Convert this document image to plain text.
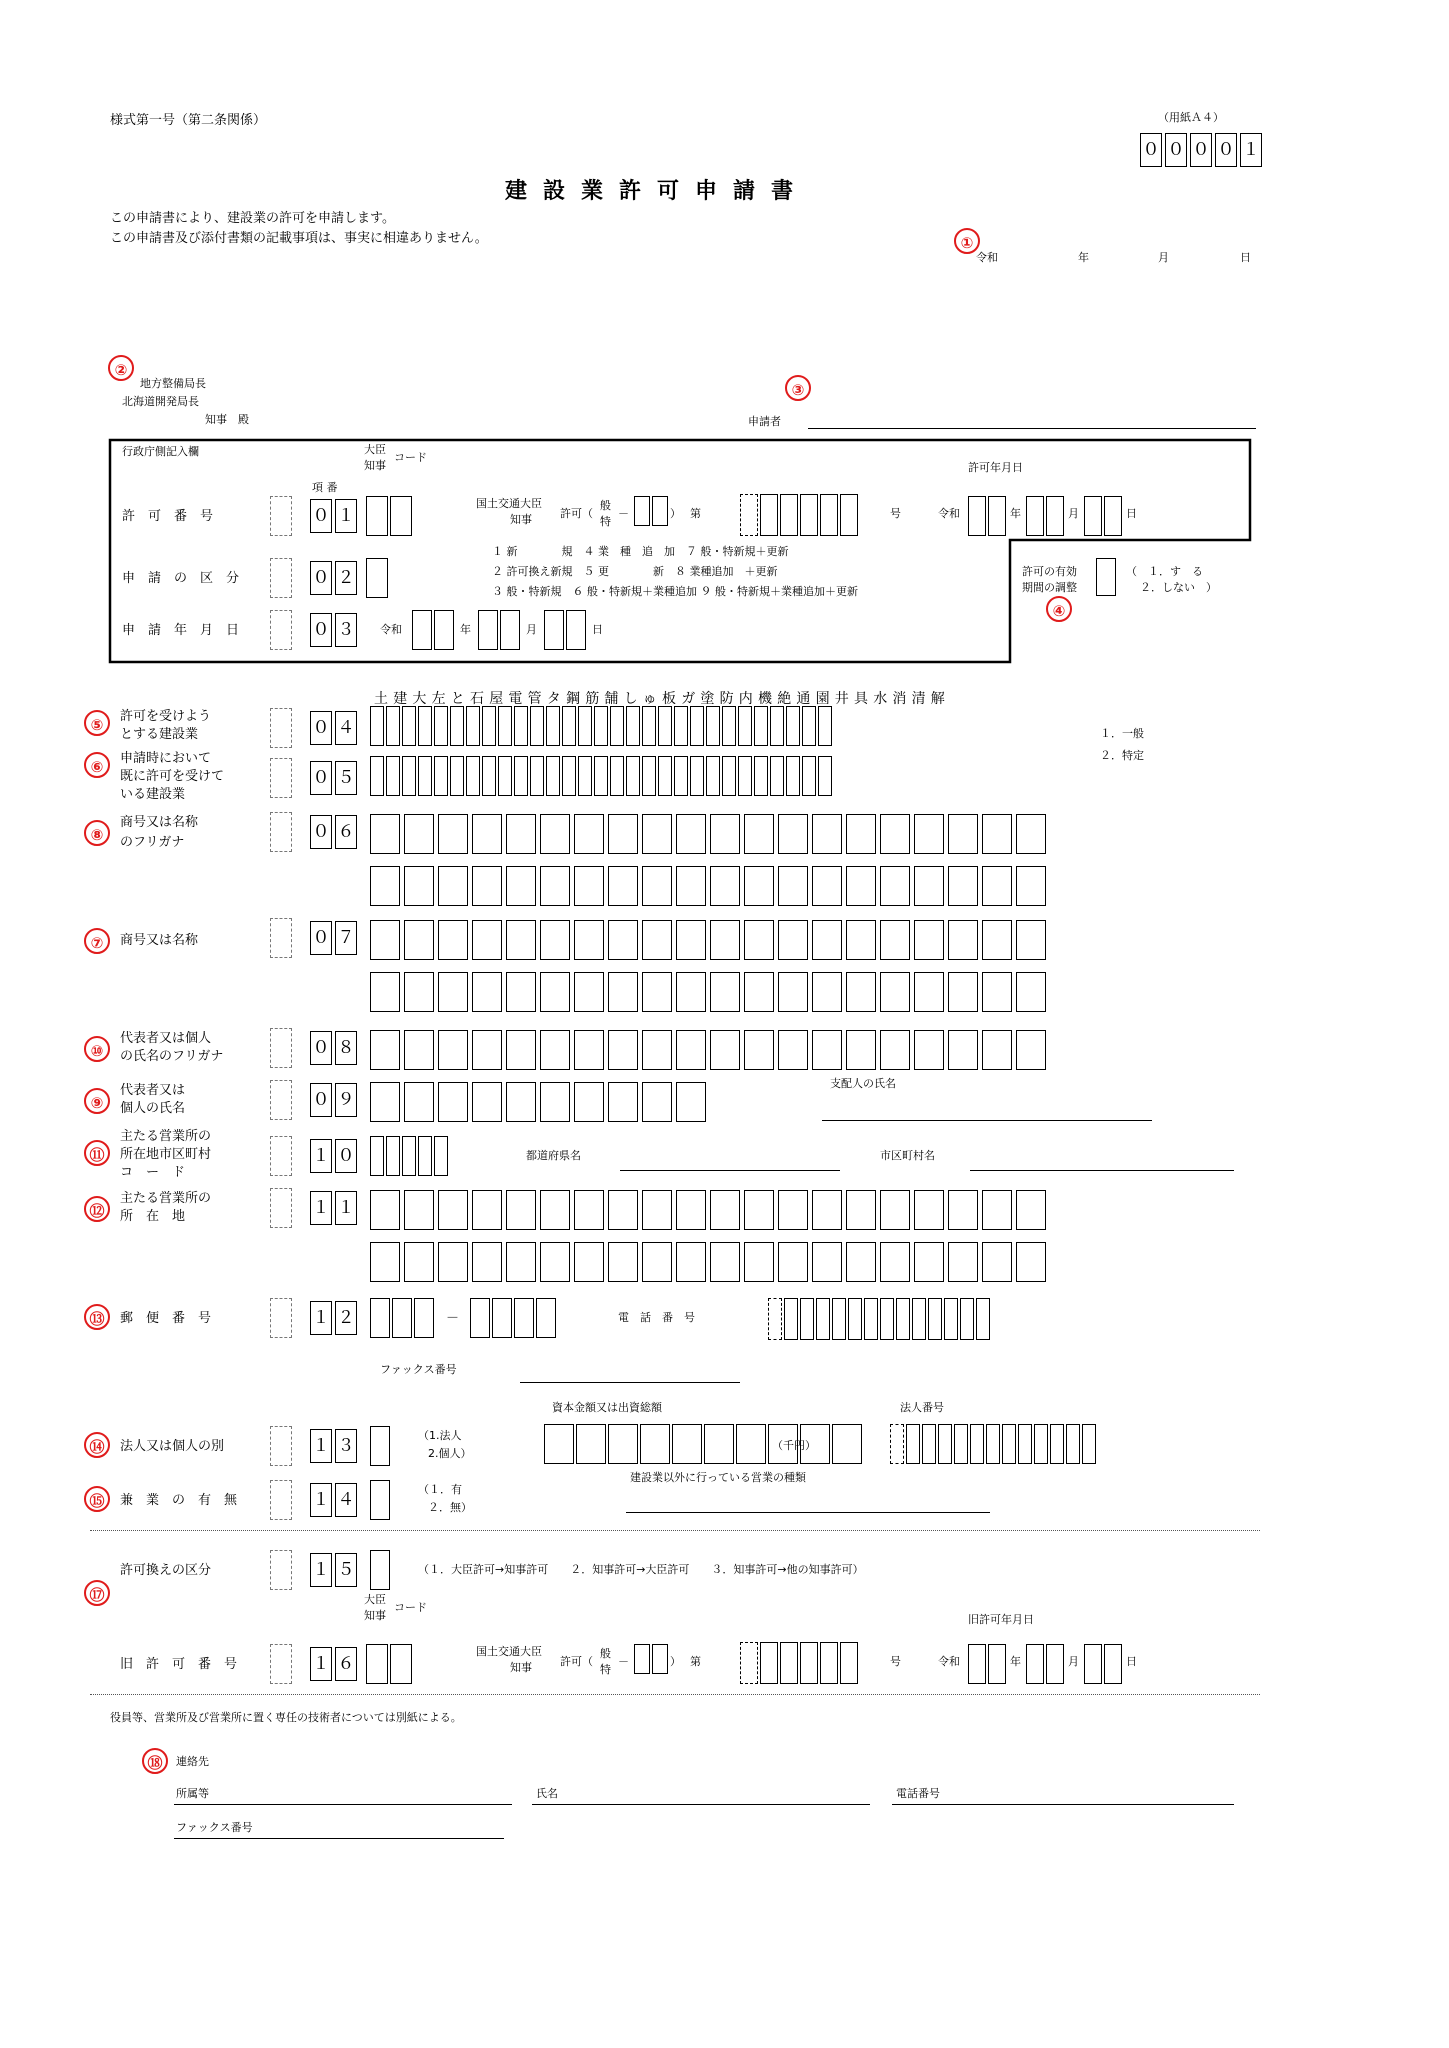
様式第一号（第二条関係）	（用紙Ａ４）
０ ０ ０ ０ １
建設業許可申請書
この申請書により、建設業の許可を申請します。
この申請書及び添付書類の記載事項は、事実に相違ありません。	①
令和	年	月	日
②
地方整備局長
北海道開発局長
知事　殿
③
申請者
行政庁側記入欄	大臣
知事
コード
項 番
許　可　番　号	０ １
国土交通大臣
知事	許可（
般
特
－	） 第	号
許可年月日
令和	年	月	日
申　請　の　区　分	０ ２
１ 新　　　　規　４ 業　種　追　加　７ 般・特新規＋更新
２ 許可換え新規　５ 更　　　　新　８ 業種追加　＋更新
３ 般・特新規　６ 般・特新規＋業種追加 ９ 般・特新規＋業種追加＋更新
許可の有効
期間の調整
（　１．す　る
２．しない　）
④
申　請　年　月　日	０ ３ 令和	年	月	日
土建大左と石屋電管タ鋼筋舗しゅ板ガ塗防内機絶通園井具水消清解
⑤	許可を受けよう
とする建設業	０ ４
⑥	申請時において
既に許可を受けて
いる建設業
０ ５
１．一般
２．特定
⑧
商号又は名称
のフリガナ
０ ６
⑦	商号又は名称	０ ７
⑩
代表者又は個人
の氏名のフリガナ	０ ８
⑨
代表者又は
個人の氏名	０ ９
支配人の氏名
⑪
主たる営業所の
所在地市区町村
コ　ー　ド
１ ０	都道府県名	市区町村名
⑫
主たる営業所の
所　在　地	１ １
⑬	郵　便　番　号	１ ２	－	電　話　番　号
ファックス番号
資本金額又は出資総額	法人番号
⑭	法人又は個人の別	１ ３
（1.法人
2.個人）
（千円）
建設業以外に行っている営業の種類
⑮	兼　業　の　有　無	１ ４
（１．有
２．無）
許可換えの区分	１ ５	（１．大臣許可→知事許可　　２．知事許可→大臣許可　　３．知事許可→他の知事許可）
⑰	大臣
知事
コード
旧許可年月日
旧　許　可　番　号	１ ６
国土交通大臣
知事	許可（
般
特
－	） 第	号	令和	年	月	日
役員等、営業所及び営業所に置く専任の技術者については別紙による。
⑱	連絡先
所属等	氏名	電話番号
ファックス番号
